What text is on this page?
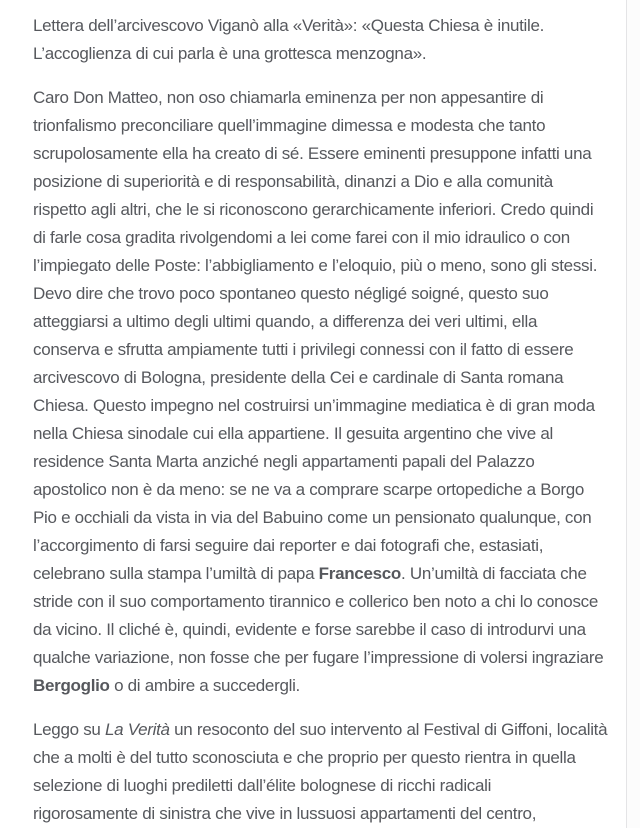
Lettera dell’arcivescovo Viganò alla «Verità»: «Questa Chiesa è inutile.
L’accoglienza di cui parla è una grottesca menzogna».
Caro Don Matteo, non oso chiamarla eminenza per non appesantire di
trionfalismo preconciliare quell’immagine dimessa e modesta che tanto
scrupolosamente ella ha creato di sé. Essere eminenti presuppone infatti una
posizione di superiorità e di responsabilità, dinanzi a Dio e alla comunità
rispetto agli altri, che le si riconoscono gerarchicamente inferiori. Credo quindi
di farle cosa gradita rivolgendomi a lei come farei con il mio idraulico o con
l’impiegato delle Poste: l’abbigliamento e l’eloquio, più o meno, sono gli stessi.
Devo dire che trovo poco spontaneo questo négligé soigné, questo suo
atteggiarsi a ultimo degli ultimi quando, a differenza dei veri ultimi, ella
conserva e sfrutta ampiamente tutti i privilegi connessi con il fatto di essere
arcivescovo di Bologna, presidente della Cei e cardinale di Santa romana
Chiesa. Questo impegno nel costruirsi un’immagine mediatica è di gran moda
nella Chiesa sinodale cui ella appartiene. Il gesuita argentino che vive al
residence Santa Marta anziché negli appartamenti papali del Palazzo
apostolico non è da meno: se ne va a comprare scarpe ortopediche a Borgo
Pio e occhiali da vista in via del Babuino come un pensionato qualunque, con
l’accorgimento di farsi seguire dai reporter e dai fotografi che, estasiati,
celebrano sulla stampa l’umiltà di papa Francesco. Un’umiltà di facciata che
stride con il suo comportamento tirannico e collerico ben noto a chi lo conosce
da vicino. Il cliché è, quindi, evidente e forse sarebbe il caso di introdurvi una
qualche variazione, non fosse che per fugare l’impressione di volersi ingraziare
Bergoglio o di ambire a succedergli.
Leggo su La Verità un resoconto del suo intervento al Festival di Giffoni, località
che a molti è del tutto sconosciuta e che proprio per questo rientra in quella
selezione di luoghi prediletti dall’élite bolognese di ricchi radicali
rigorosamente di sinistra che vive in lussuosi appartamenti del centro,
